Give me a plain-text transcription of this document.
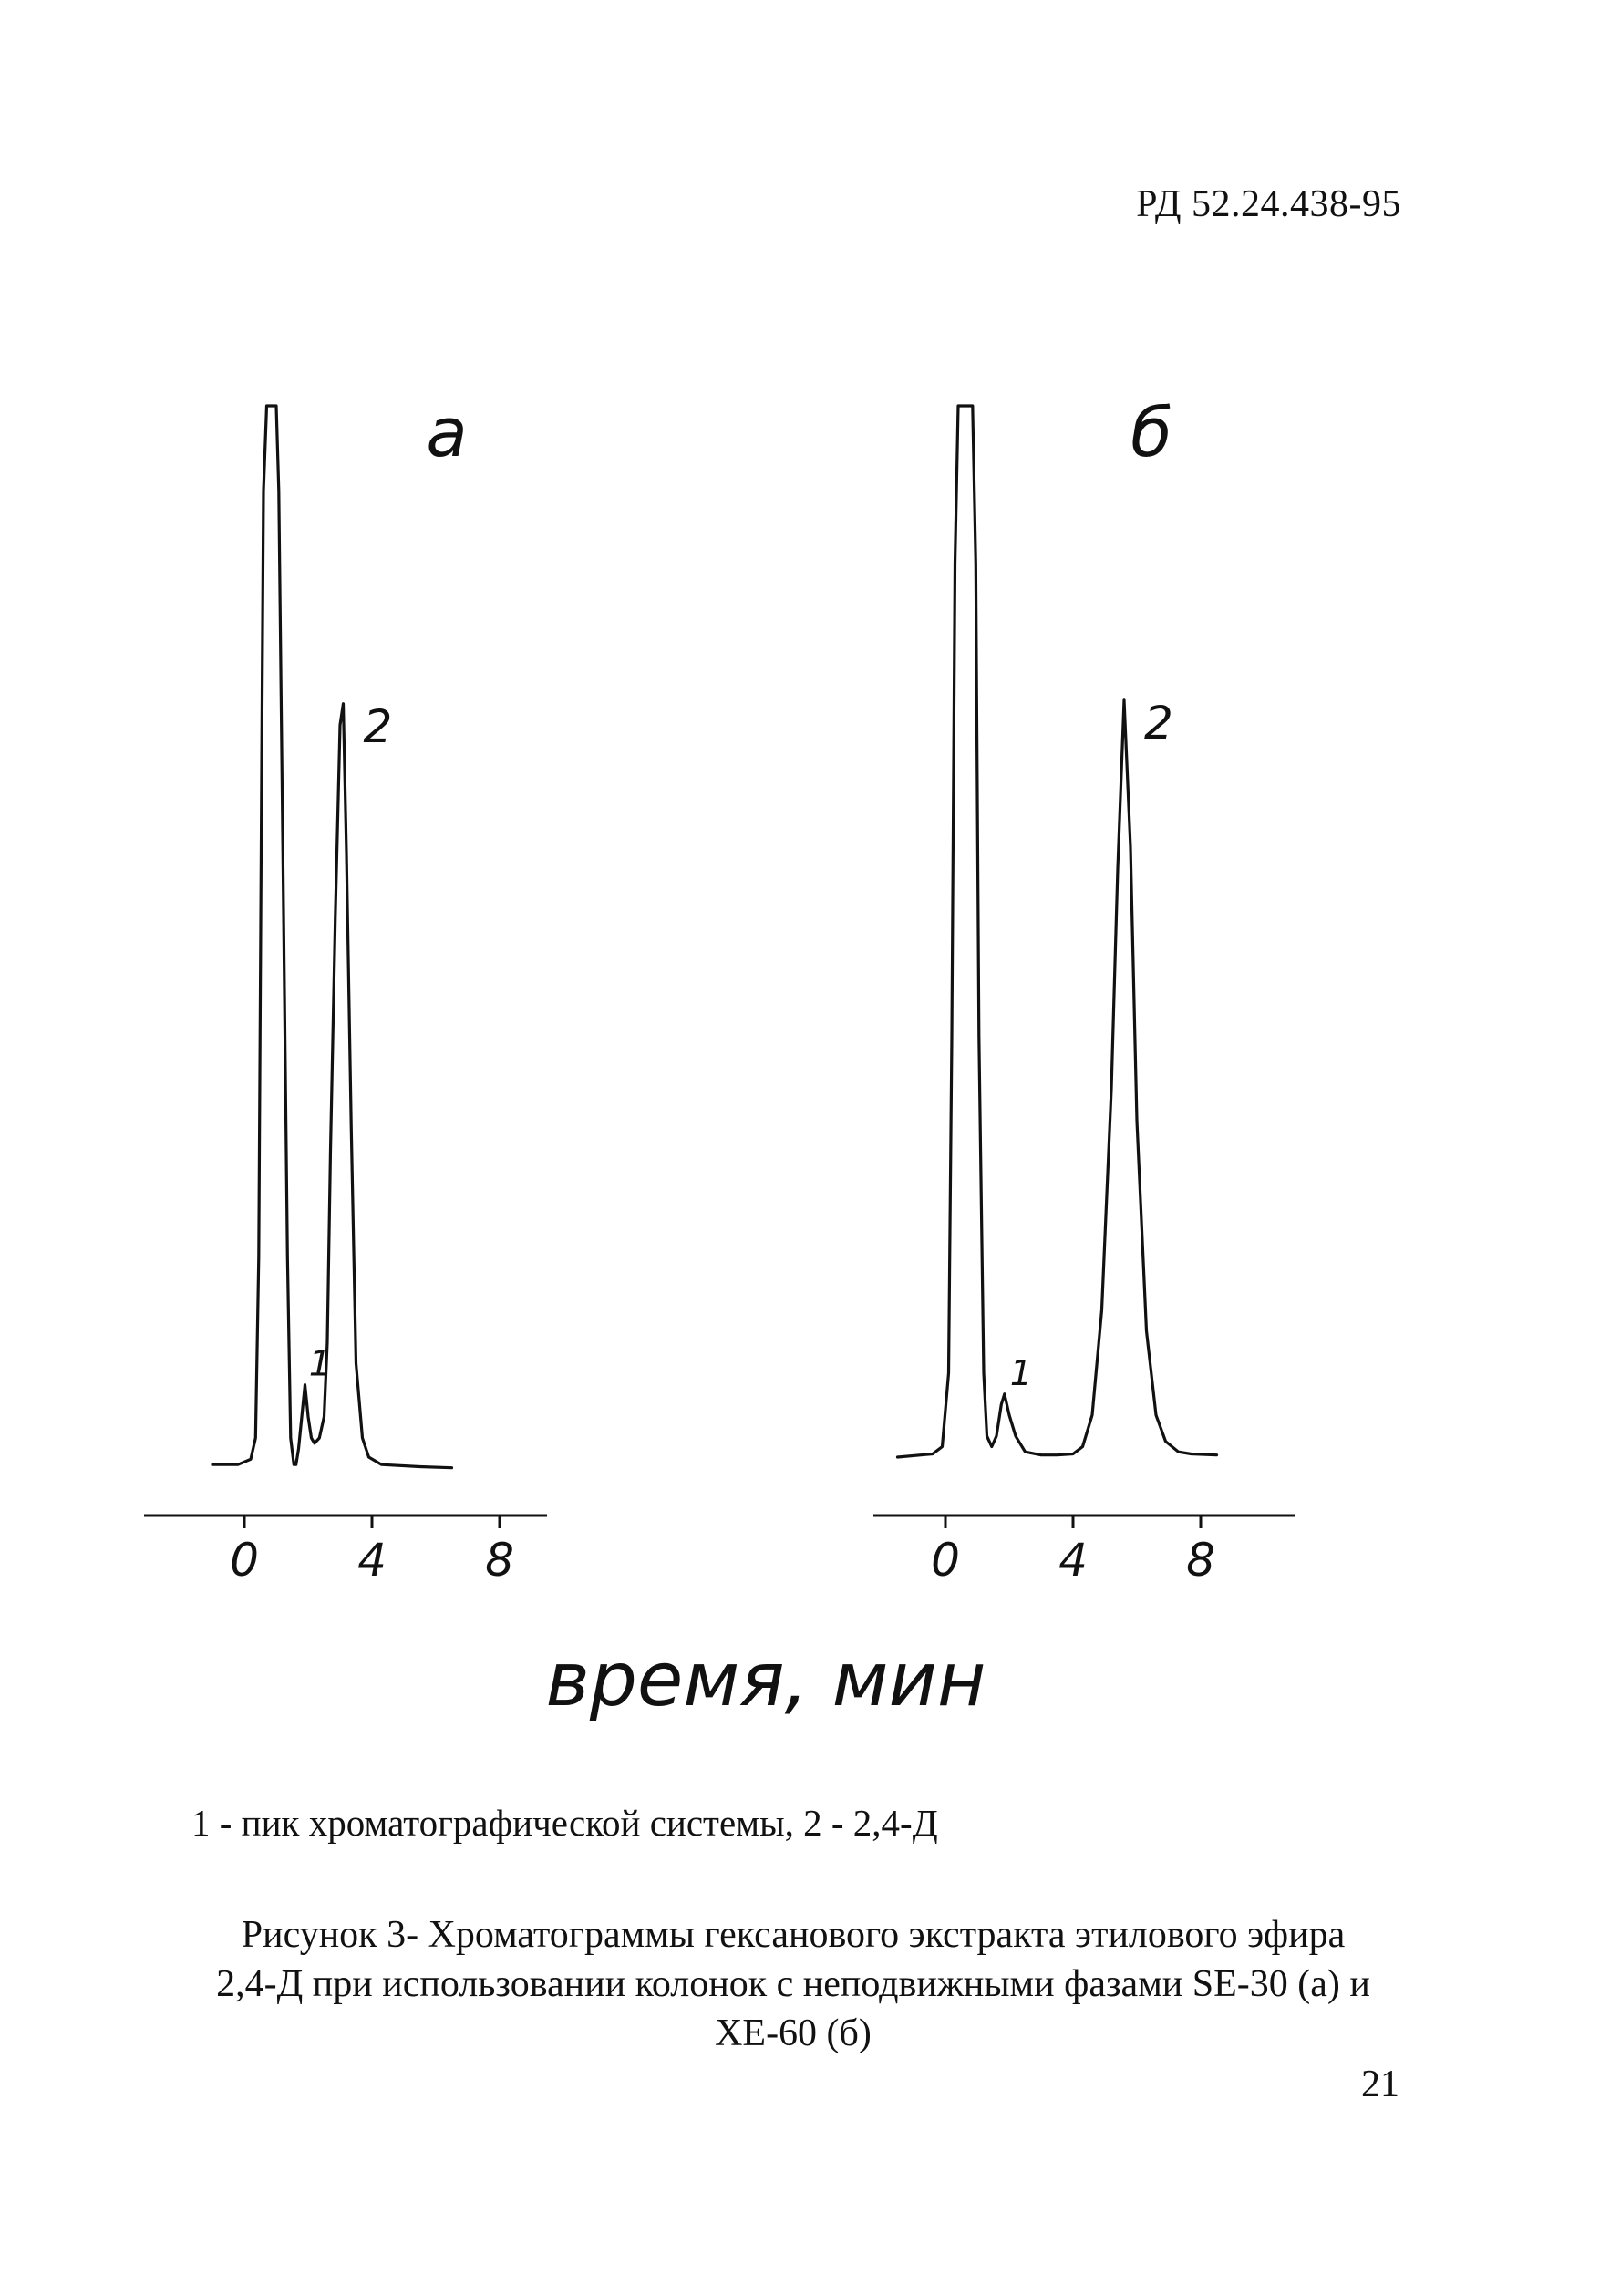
РД 52.24.438-95
0 4 8
1
2
а
0 4 8
1
2
б
время, мин
1 - пик хроматографической системы, 2 - 2,4-Д
Рисунок 3- Хроматограммы гексанового экстракта этилового эфира
2,4-Д при использовании колонок с неподвижными фазами SE-30 (а) и
XE-60 (б)
21
